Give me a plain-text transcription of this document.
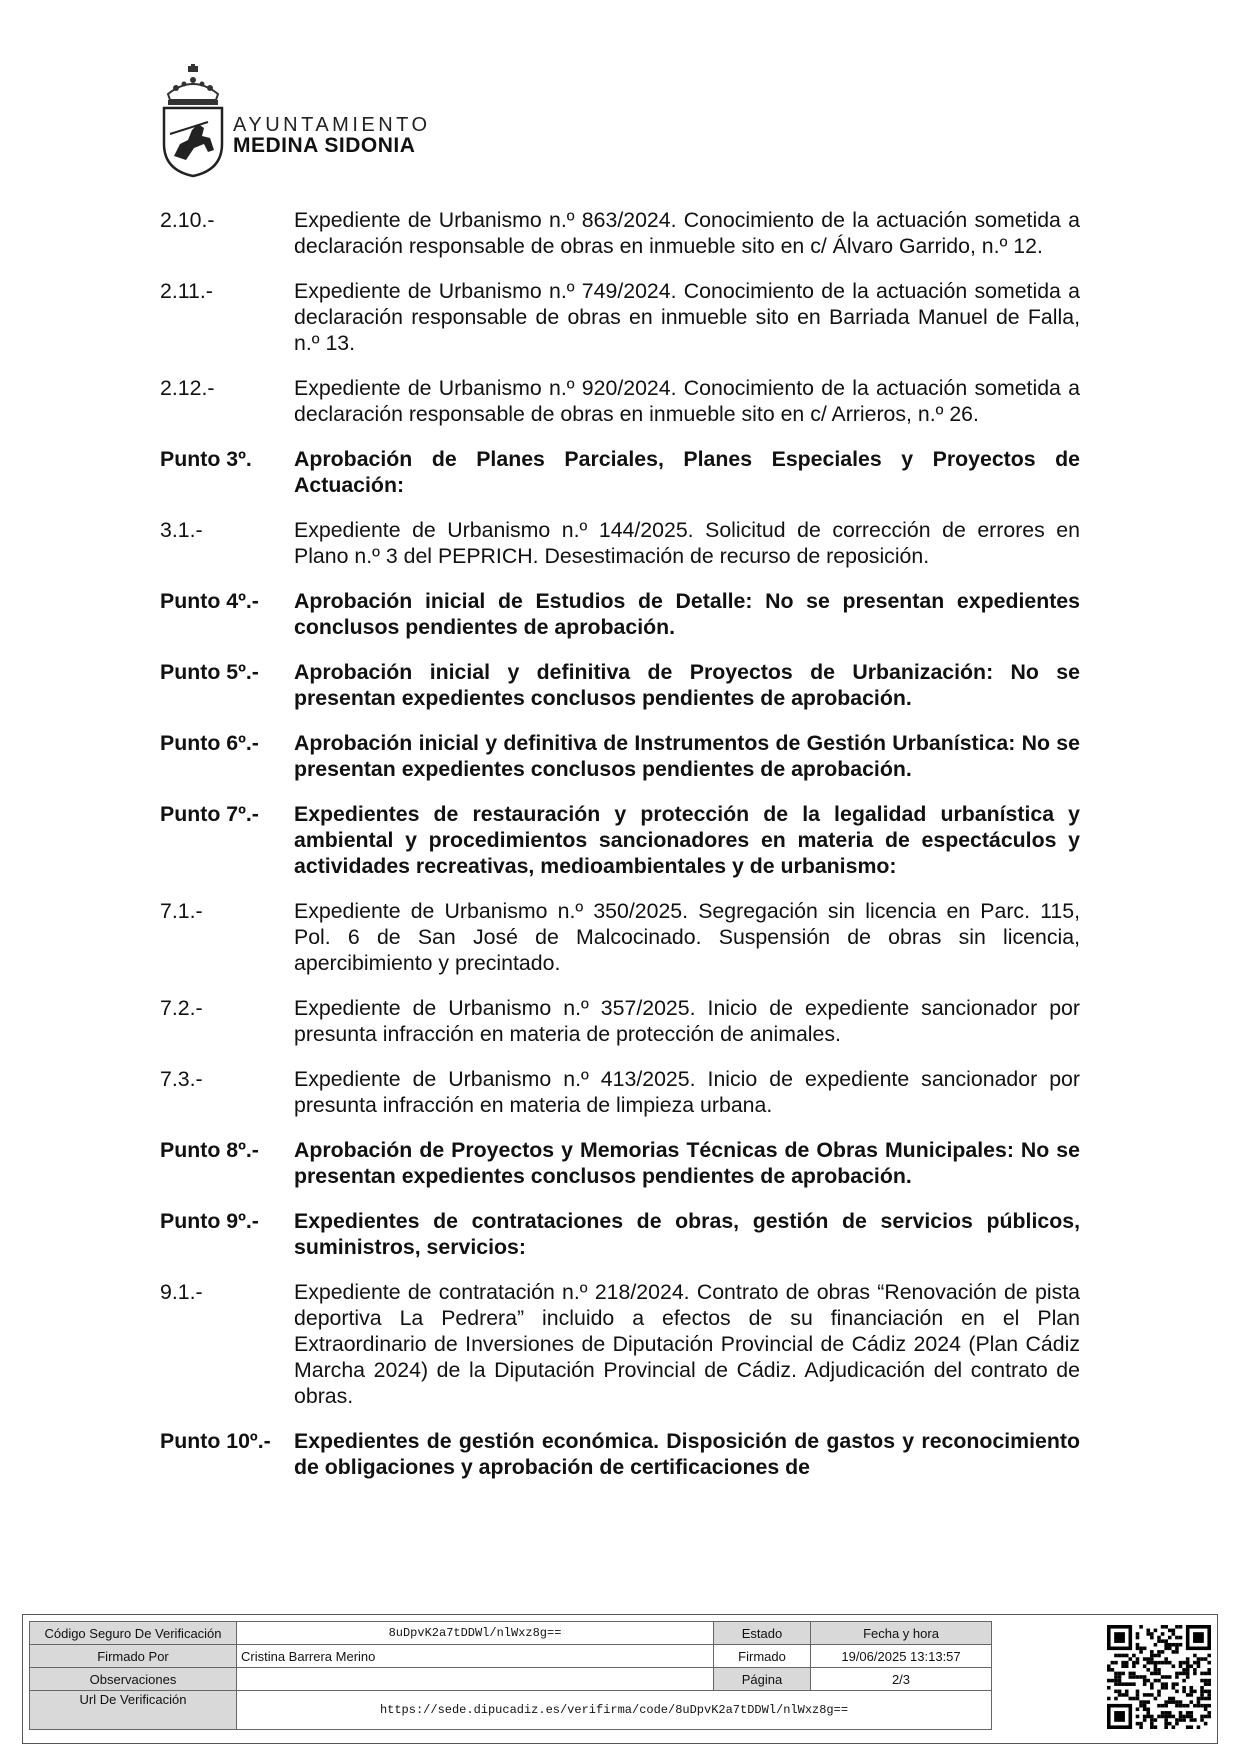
AYUNTAMIENTO
MEDINA SIDONIA
2.10.-	Expediente de Urbanismo n.º 863/2024. Conocimiento de la actuación sometida a declaración responsable de obras en inmueble sito en c/ Álvaro Garrido, n.º 12.
2.11.-	Expediente de Urbanismo n.º 749/2024. Conocimiento de la actuación sometida a declaración responsable de obras en inmueble sito en Barriada Manuel de Falla, n.º 13.
2.12.-	Expediente de Urbanismo n.º 920/2024. Conocimiento de la actuación sometida a declaración responsable de obras en inmueble sito en c/ Arrieros, n.º 26.
Punto 3º.	Aprobación de Planes Parciales, Planes Especiales y Proyectos de Actuación:
3.1.-	Expediente de Urbanismo n.º 144/2025. Solicitud de corrección de errores en Plano n.º 3 del PEPRICH. Desestimación de recurso de reposición.
Punto 4º.-	Aprobación inicial de Estudios de Detalle: No se presentan expedientes conclusos pendientes de aprobación.
Punto 5º.-	Aprobación inicial y definitiva de Proyectos de Urbanización: No se presentan expedientes conclusos pendientes de aprobación.
Punto 6º.-	Aprobación inicial y definitiva de Instrumentos de Gestión Urbanística: No se presentan expedientes conclusos pendientes de aprobación.
Punto 7º.-	Expedientes de restauración y protección de la legalidad urbanística y ambiental y procedimientos sancionadores en materia de espectáculos y actividades recreativas, medioambientales y de urbanismo:
7.1.-	Expediente de Urbanismo n.º 350/2025. Segregación sin licencia en Parc. 115, Pol. 6 de San José de Malcocinado. Suspensión de obras sin licencia, apercibimiento y precintado.
7.2.-	Expediente de Urbanismo n.º 357/2025. Inicio de expediente sancionador por presunta infracción en materia de protección de animales.
7.3.-	Expediente de Urbanismo n.º 413/2025. Inicio de expediente sancionador por presunta infracción en materia de limpieza urbana.
Punto 8º.-	Aprobación de Proyectos y Memorias Técnicas de Obras Municipales: No se presentan expedientes conclusos pendientes de aprobación.
Punto 9º.-	Expedientes de contrataciones de obras, gestión de servicios públicos, suministros, servicios:
9.1.-	Expediente de contratación n.º 218/2024. Contrato de obras “Renovación de pista deportiva La Pedrera” incluido a efectos de su financiación en el Plan Extraordinario de Inversiones de Diputación Provincial de Cádiz 2024 (Plan Cádiz Marcha 2024) de la Diputación Provincial de Cádiz. Adjudicación del contrato de obras.
Punto 10º.-	Expedientes de gestión económica. Disposición de gastos y reconocimiento de obligaciones y aprobación de certificaciones de
Código Seguro De Verificación	8uDpvK2a7tDDWl/nlWxz8g==	Estado	Fecha y hora
Firmado Por	Cristina Barrera Merino	Firmado	19/06/2025 13:13:57
Observaciones		Página	2/3
Url De Verificación	https://sede.dipucadiz.es/verifirma/code/8uDpvK2a7tDDWl/nlWxz8g==		
